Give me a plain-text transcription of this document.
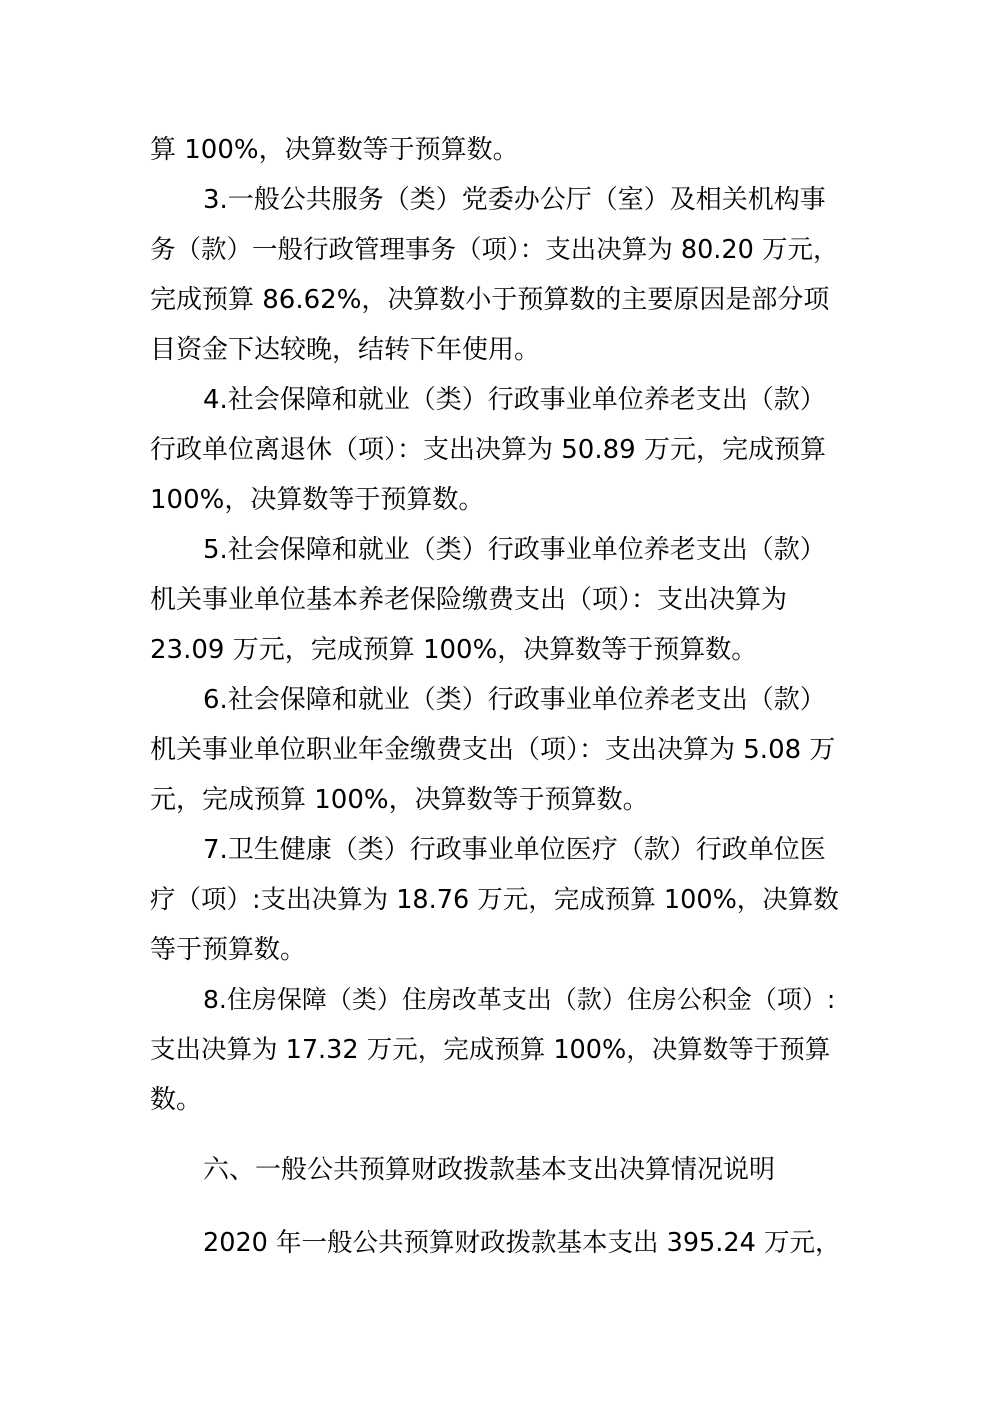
算 100%，决算数等于预算数。
3.一般公共服务（类）党委办公厅（室）及相关机构事
务（款）一般行政管理事务（项）：支出决算为 80.20 万元，
完成预算 86.62%，决算数小于预算数的主要原因是部分项
目资金下达较晚，结转下年使用。
4.社会保障和就业（类）行政事业单位养老支出（款）
行政单位离退休（项）：支出决算为 50.89 万元，完成预算
100%，决算数等于预算数。
5.社会保障和就业（类）行政事业单位养老支出（款）
机关事业单位基本养老保险缴费支出（项）：支出决算为
23.09 万元，完成预算 100%，决算数等于预算数。
6.社会保障和就业（类）行政事业单位养老支出（款）
机关事业单位职业年金缴费支出（项）：支出决算为 5.08 万
元，完成预算 100%，决算数等于预算数。
7.卫生健康（类）行政事业单位医疗（款）行政单位医
疗（项）:支出决算为 18.76 万元，完成预算 100%，决算数
等于预算数。
8.住房保障（类）住房改革支出（款）住房公积金（项）:
支出决算为 17.32 万元，完成预算 100%，决算数等于预算
数。
六、一般公共预算财政拨款基本支出决算情况说明
2020 年一般公共预算财政拨款基本支出 395.24 万元，
